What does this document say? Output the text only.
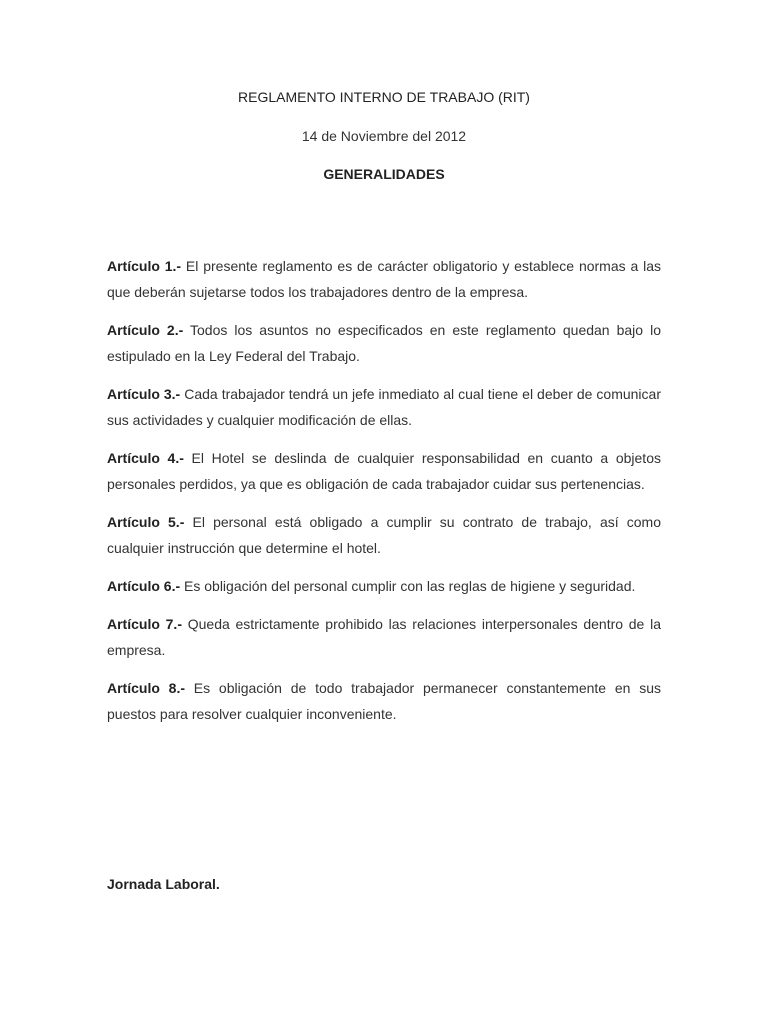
REGLAMENTO INTERNO DE TRABAJO (RIT)

14 de Noviembre del 2012

GENERALIDADES
Artículo 1.- El presente reglamento es de carácter obligatorio y establece normas a las que deberán sujetarse todos los trabajadores dentro de la empresa.
Artículo 2.- Todos los asuntos no especificados en este reglamento quedan bajo lo estipulado en la Ley Federal del Trabajo.
Artículo 3.- Cada trabajador tendrá un jefe inmediato al cual tiene el deber de comunicar sus actividades y cualquier modificación de ellas.
Artículo 4.- El Hotel se deslinda de cualquier responsabilidad en cuanto a objetos personales perdidos, ya que es obligación de cada trabajador cuidar sus pertenencias.
Artículo 5.- El personal está obligado a cumplir su contrato de trabajo, así como cualquier instrucción que determine el hotel.
Artículo 6.- Es obligación del personal cumplir con las reglas de higiene y seguridad.
Artículo 7.- Queda estrictamente prohibido las relaciones interpersonales dentro de la empresa.
Artículo 8.- Es obligación de todo trabajador permanecer constantemente en sus puestos para resolver cualquier inconveniente.
Jornada Laboral.
